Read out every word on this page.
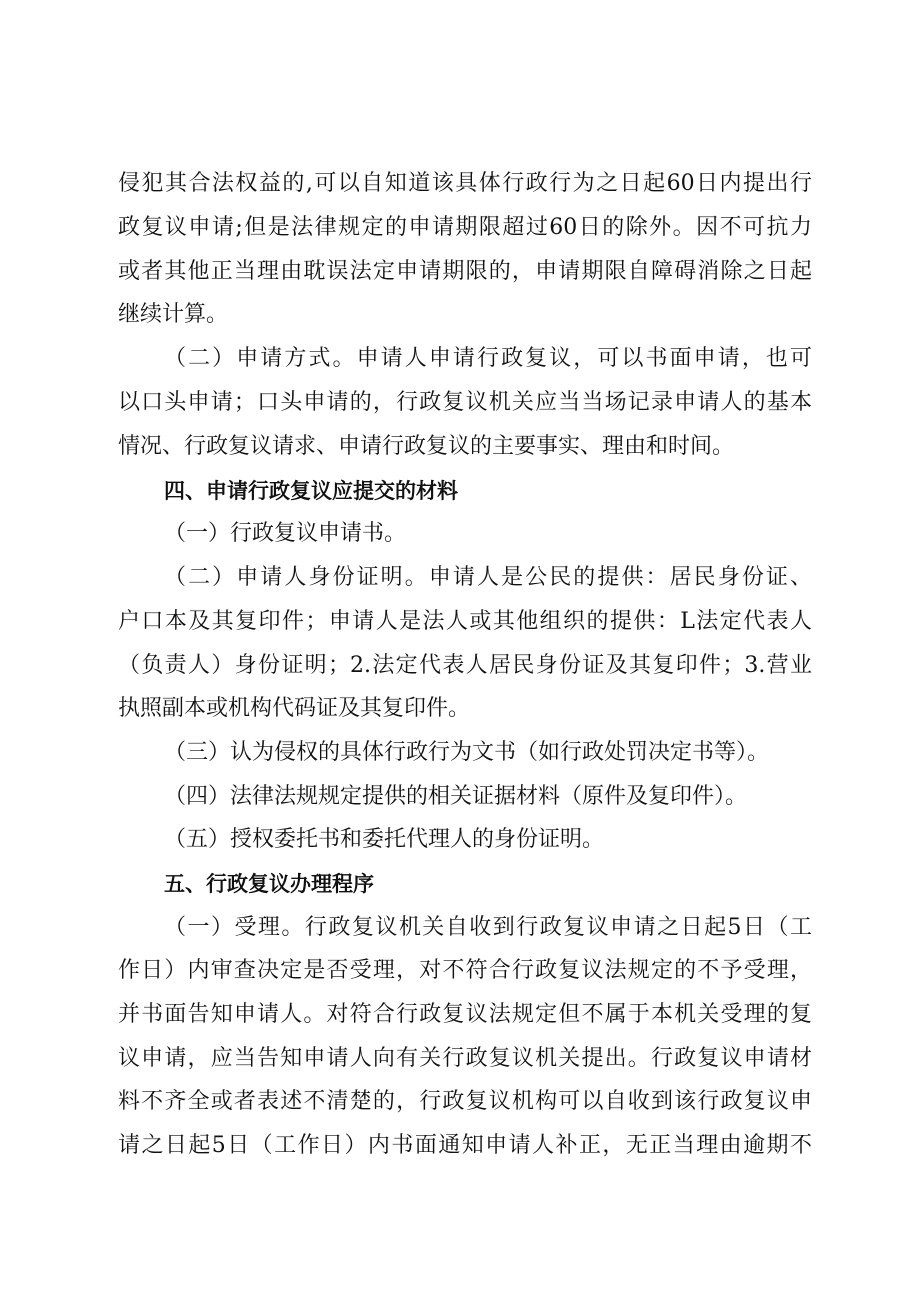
侵犯其合法权益的,可以自知道该具体行政行为之日起60日内提出行
政复议申请;但是法律规定的申请期限超过60日的除外。因不可抗力
或者其他正当理由耽误法定申请期限的，申请期限自障碍消除之日起
继续计算。
（二）申请方式。申请人申请行政复议，可以书面申请，也可
以口头申请；口头申请的，行政复议机关应当当场记录申请人的基本
情况、行政复议请求、申请行政复议的主要事实、理由和时间。
四、申请行政复议应提交的材料
（一）行政复议申请书。
（二）申请人身份证明。申请人是公民的提供：居民身份证、
户口本及其复印件；申请人是法人或其他组织的提供：L法定代表人
（负责人）身份证明；2.法定代表人居民身份证及其复印件；3.营业
执照副本或机构代码证及其复印件。
（三）认为侵权的具体行政行为文书（如行政处罚决定书等）。
（四）法律法规规定提供的相关证据材料（原件及复印件）。
（五）授权委托书和委托代理人的身份证明。
五、行政复议办理程序
（一）受理。行政复议机关自收到行政复议申请之日起5日（工
作日）内审查决定是否受理，对不符合行政复议法规定的不予受理，
并书面告知申请人。对符合行政复议法规定但不属于本机关受理的复
议申请，应当告知申请人向有关行政复议机关提出。行政复议申请材
料不齐全或者表述不清楚的，行政复议机构可以自收到该行政复议申
请之日起5日（工作日）内书面通知申请人补正，无正当理由逾期不
